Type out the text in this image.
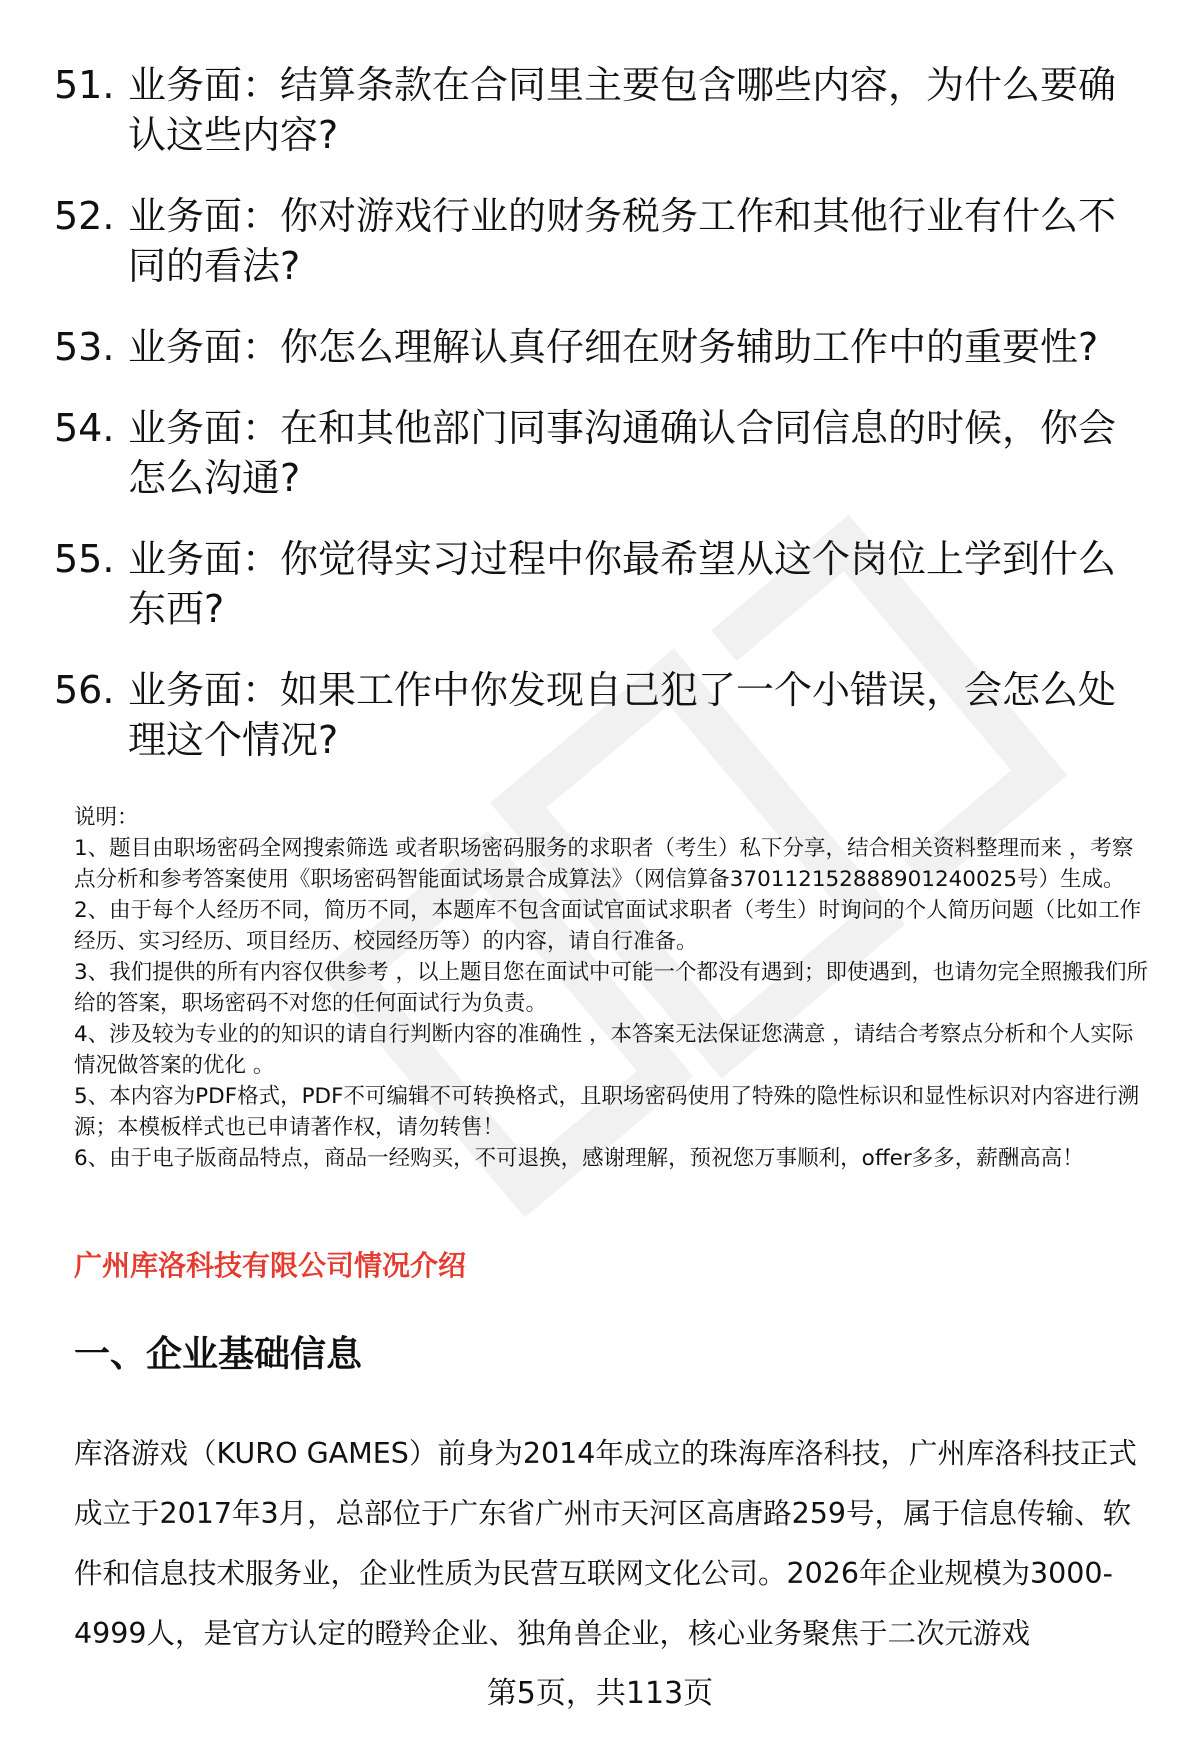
51. 业务面：结算条款在合同里主要包含哪些内容，为什么要确认这些内容?
52. 业务面：你对游戏行业的财务税务工作和其他行业有什么不同的看法?
53. 业务面：你怎么理解认真仔细在财务辅助工作中的重要性?
54. 业务面：在和其他部门同事沟通确认合同信息的时候，你会怎么沟通?
55. 业务面：你觉得实习过程中你最希望从这个岗位上学到什么东西?
56. 业务面：如果工作中你发现自己犯了一个小错误，会怎么处理这个情况?

说明：

1、题目由职场密码全网搜索筛选 或者职场密码服务的求职者（考生）私下分享，结合相关资料整理而来 ，考察点分析和参考答案使用《职场密码智能面试场景合成算法》（网信算备370112152888901240025号）生成。

2、由于每个人经历不同，简历不同，本题库不包含面试官面试求职者（考生）时询问的个人简历问题（比如工作经历、实习经历、项目经历、校园经历等）的内容，请自行准备。

3、我们提供的所有内容仅供参考 ，以上题目您在面试中可能一个都没有遇到；即使遇到，也请勿完全照搬我们所给的答案，职场密码不对您的任何面试行为负责。

4、涉及较为专业的的知识的请自行判断内容的准确性 ，本答案无法保证您满意 ，请结合考察点分析和个人实际情况做答案的优化 。

5、本内容为PDF格式，PDF不可编辑不可转换格式，且职场密码使用了特殊的隐性标识和显性标识对内容进行溯源；本模板样式也已申请著作权，请勿转售！

6、由于电子版商品特点，商品一经购买，不可退换，感谢理解，预祝您万事顺利，offer多多，薪酬高高！

广州库洛科技有限公司情况介绍
一、企业基础信息

库洛游戏（KURO GAMES）前身为2014年成立的珠海库洛科技，广州库洛科技正式成立于2017年3月，总部位于广东省广州市天河区高唐路259号，属于信息传输、软件和信息技术服务业，企业性质为民营互联网文化公司。2026年企业规模为3000-4999人，是官方认定的瞪羚企业、独角兽企业，核心业务聚焦于二次元游戏

第5页，共113页
